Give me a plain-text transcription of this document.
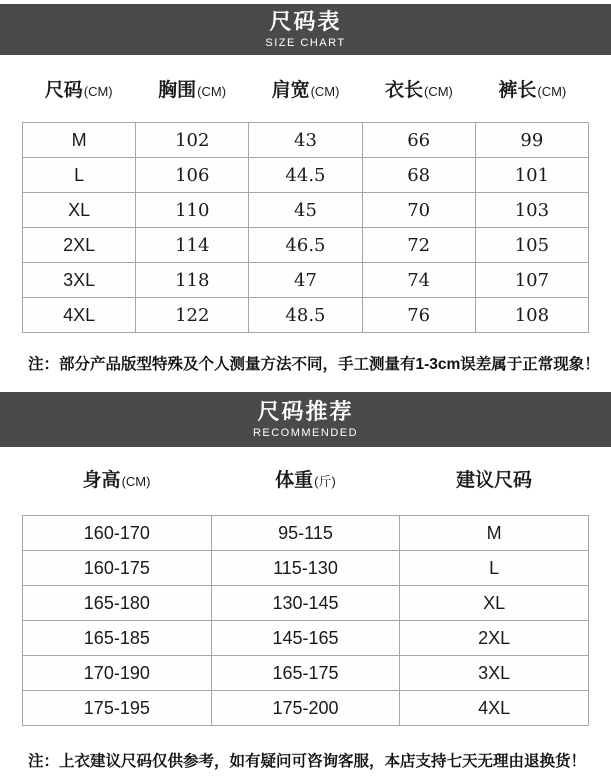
尺码表
SIZE CHART
尺码(CM)	胸围(CM)	肩宽(CM)	衣长(CM)	裤长(CM)
M	102	43	66	99
L	106	44.5	68	101
XL	110	45	70	103
2XL	114	46.5	72	105
3XL	118	47	74	107
4XL	122	48.5	76	108

注：部分产品版型特殊及个人测量方法不同，手工测量有1-3cm误差属于正常现象！

尺码推荐
RECOMMENDED
身高(CM)	体重(斤)	建议尺码
160-170	95-115	M
160-175	115-130	L
165-180	130-145	XL
165-185	145-165	2XL
170-190	165-175	3XL
175-195	175-200	4XL

注：上衣建议尺码仅供参考，如有疑问可咨询客服，本店支持七天无理由退换货！
